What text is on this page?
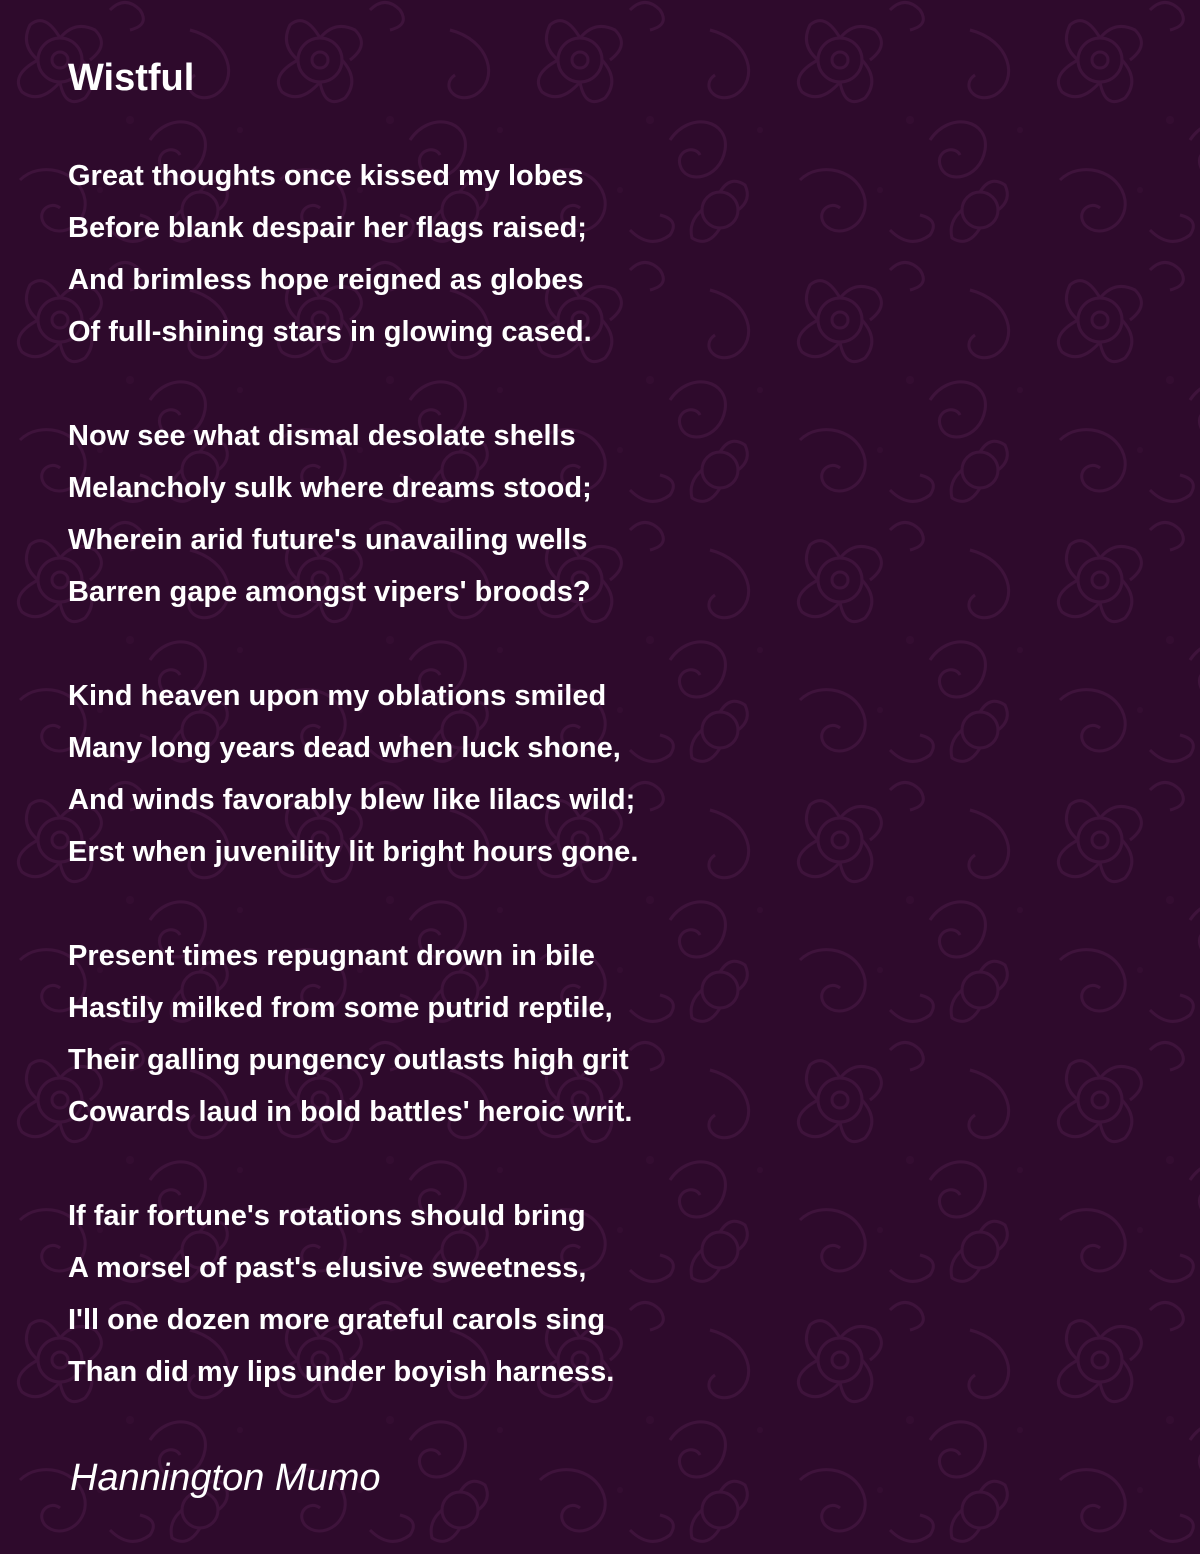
Wistful
Great thoughts once kissed my lobes
Before blank despair her flags raised;
And brimless hope reigned as globes
Of full-shining stars in glowing cased.
Now see what dismal desolate shells
Melancholy sulk where dreams stood;
Wherein arid future's unavailing wells
Barren gape amongst vipers' broods?
Kind heaven upon my oblations smiled
Many long years dead when luck shone,
And winds favorably blew like lilacs wild;
Erst when juvenility lit bright hours gone.
Present times repugnant drown in bile
Hastily milked from some putrid reptile,
Their galling pungency outlasts high grit
Cowards laud in bold battles' heroic writ.
If fair fortune's rotations should bring
A morsel of past's elusive sweetness,
I'll one dozen more grateful carols sing
Than did my lips under boyish harness.

Hannington Mumo
